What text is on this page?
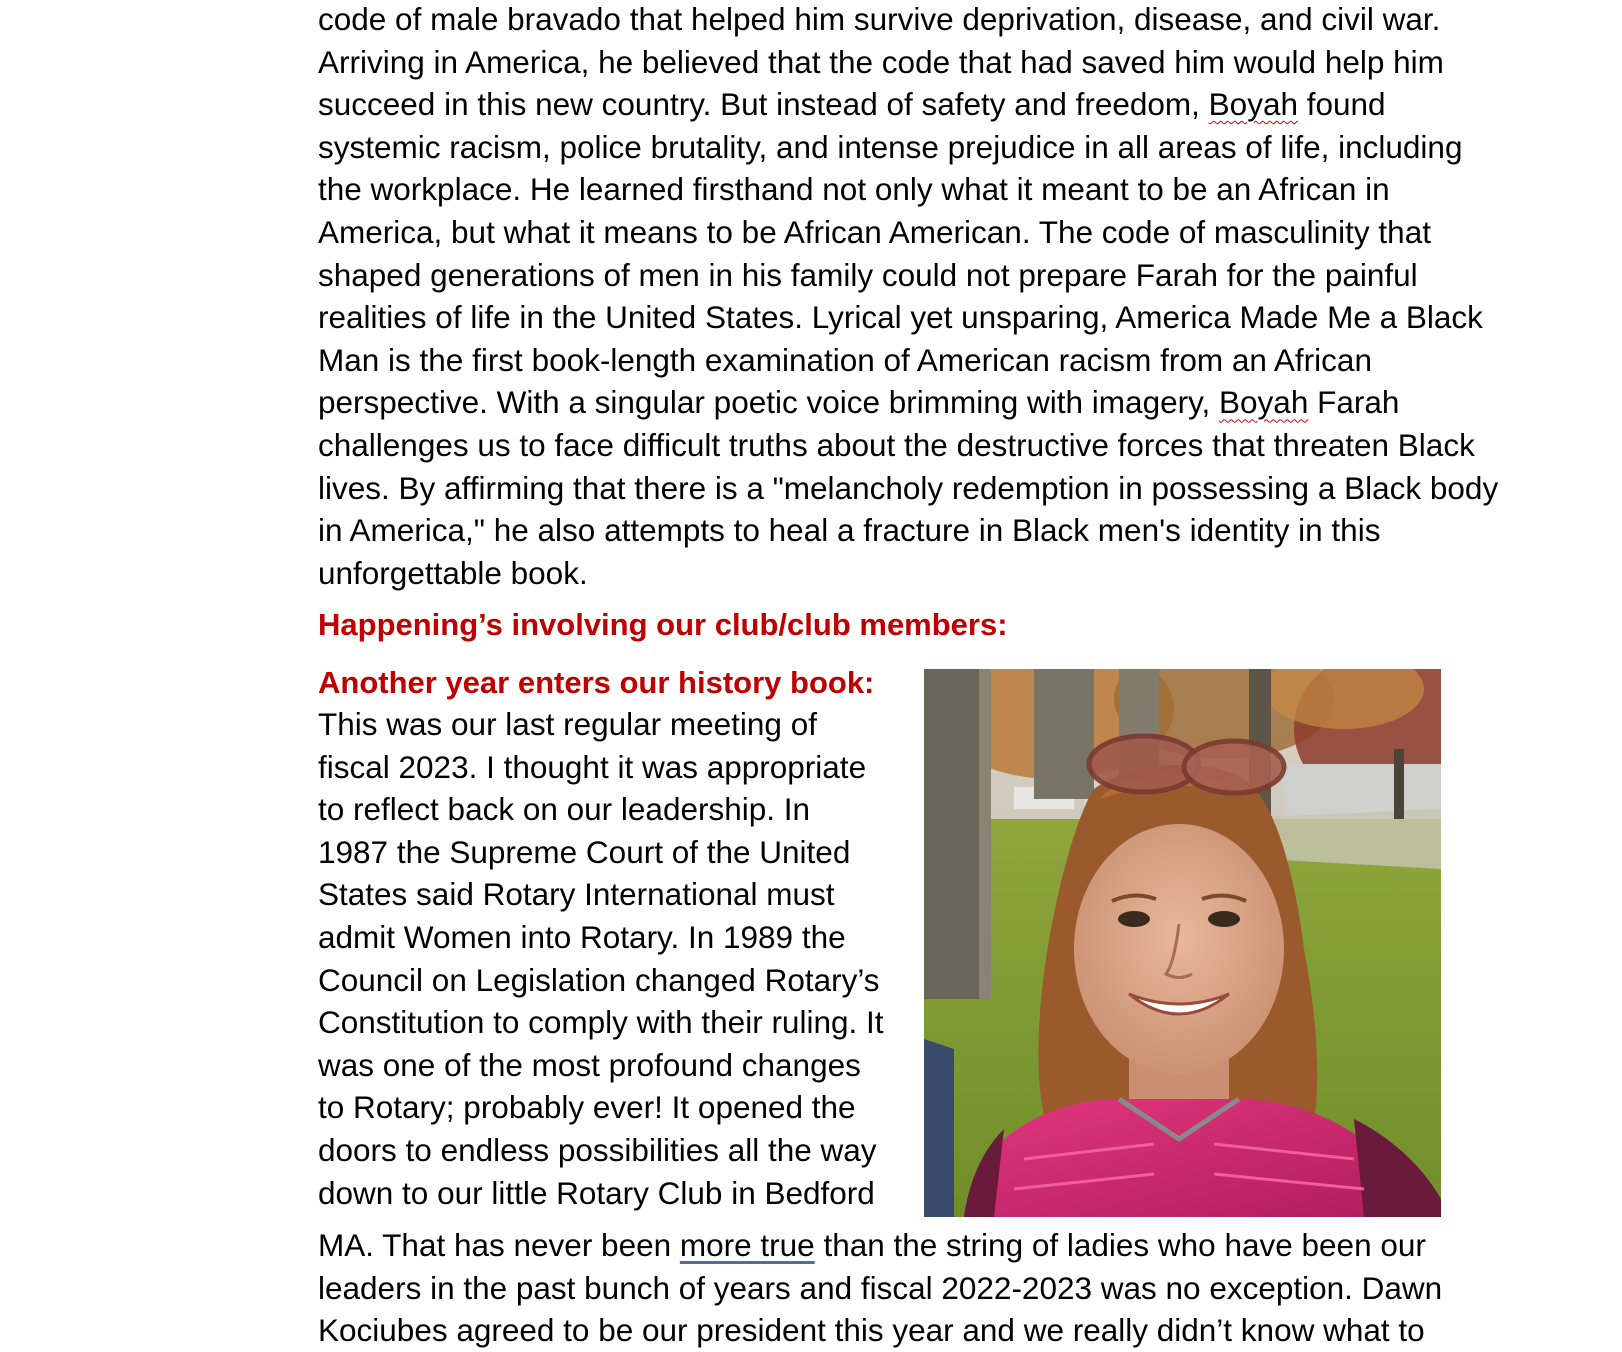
code of male bravado that helped him survive deprivation, disease, and civil war.
Arriving in America, he believed that the code that had saved him would help him
succeed in this new country. But instead of safety and freedom, Boyah found
systemic racism, police brutality, and intense prejudice in all areas of life, including
the workplace. He learned firsthand not only what it meant to be an African in
America, but what it means to be African American. The code of masculinity that
shaped generations of men in his family could not prepare Farah for the painful
realities of life in the United States. Lyrical yet unsparing, America Made Me a Black
Man is the first book-length examination of American racism from an African
perspective. With a singular poetic voice brimming with imagery, Boyah Farah
challenges us to face difficult truths about the destructive forces that threaten Black
lives. By affirming that there is a "melancholy redemption in possessing a Black body
in America," he also attempts to heal a fracture in Black men's identity in this
unforgettable book.
Happening’s involving our club/club members:
Another year enters our history book:
This was our last regular meeting of
fiscal 2023. I thought it was appropriate
to reflect back on our leadership. In
1987 the Supreme Court of the United
States said Rotary International must
admit Women into Rotary. In 1989 the
Council on Legislation changed Rotary’s
Constitution to comply with their ruling. It
was one of the most profound changes
to Rotary; probably ever! It opened the
doors to endless possibilities all the way
down to our little Rotary Club in Bedford
MA. That has never been more true than the string of ladies who have been our
leaders in the past bunch of years and fiscal 2022-2023 was no exception. Dawn
Kociubes agreed to be our president this year and we really didn’t know what to
